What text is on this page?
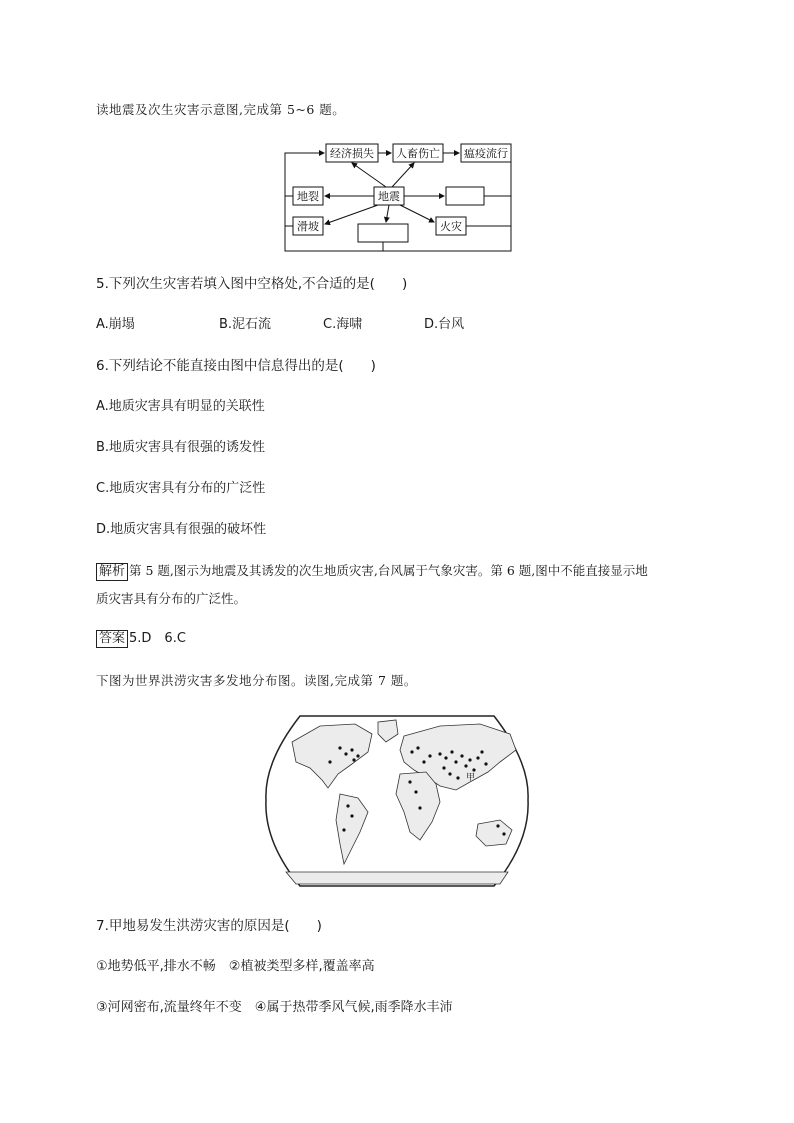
读地震及次生灾害示意图,完成第 5~6 题。
经济损失 人畜伤亡 瘟疫流行
地裂	地震
滑坡	火灾
5.下列次生灾害若填入图中空格处,不合适的是(　　)
A.崩塌	B.泥石流	C.海啸	D.台风
6.下列结论不能直接由图中信息得出的是(　　)
A.地质灾害具有明显的关联性
B.地质灾害具有很强的诱发性
C.地质灾害具有分布的广泛性
D.地质灾害具有很强的破坏性
解析 第 5 题,图示为地震及其诱发的次生地质灾害,台风属于气象灾害。第 6 题,图中不能直接显示地
质灾害具有分布的广泛性。
答案 5.D　6.C
下图为世界洪涝灾害多发地分布图。读图,完成第 7 题。
甲
7.甲地易发生洪涝灾害的原因是(　　)
①地势低平,排水不畅　②植被类型多样,覆盖率高
③河网密布,流量终年不变　④属于热带季风气候,雨季降水丰沛
